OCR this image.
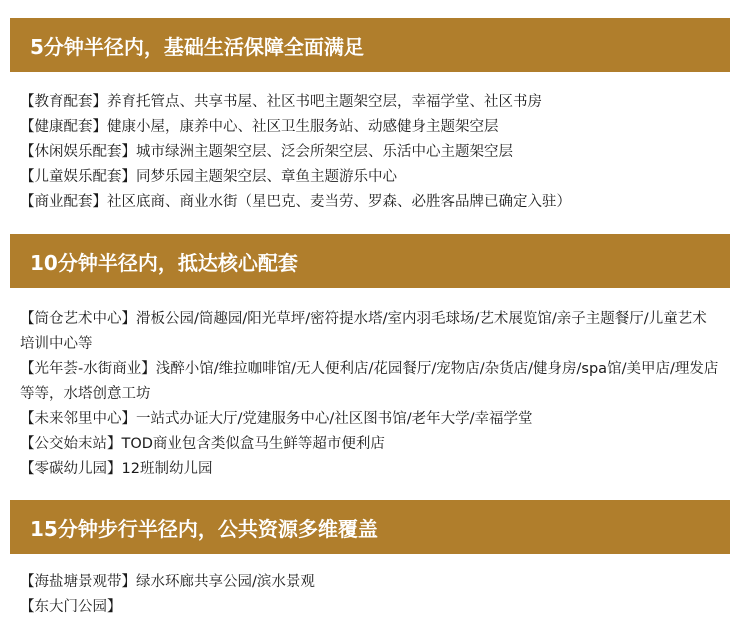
5分钟半径内，基础生活保障全面满足
【教育配套】养育托管点、共享书屋、社区书吧主题架空层，幸福学堂、社区书房
【健康配套】健康小屋，康养中心、社区卫生服务站、动感健身主题架空层
【休闲娱乐配套】城市绿洲主题架空层、泛会所架空层、乐活中心主题架空层
【儿童娱乐配套】同梦乐园主题架空层、章鱼主题游乐中心
【商业配套】社区底商、商业水街（星巴克、麦当劳、罗森、必胜客品牌已确定入驻）
10分钟半径内，抵达核心配套
【筒仓艺术中心】滑板公园/筒趣园/阳光草坪/密符提水塔/室内羽毛球场/艺术展览馆/亲子主题餐厅/儿童艺术培训中心等
【光年荟-水街商业】浅醉小馆/维拉咖啡馆/无人便利店/花园餐厅/宠物店/杂货店/健身房/spa馆/美甲店/理发店等等，水塔创意工坊
【未来邻里中心】一站式办证大厅/党建服务中心/社区图书馆/老年大学/幸福学堂
【公交始末站】TOD商业包含类似盒马生鲜等超市便利店
【零碳幼儿园】12班制幼儿园
15分钟步行半径内，公共资源多维覆盖
【海盐塘景观带】绿水环廊共享公园/滨水景观
【东大门公园】
